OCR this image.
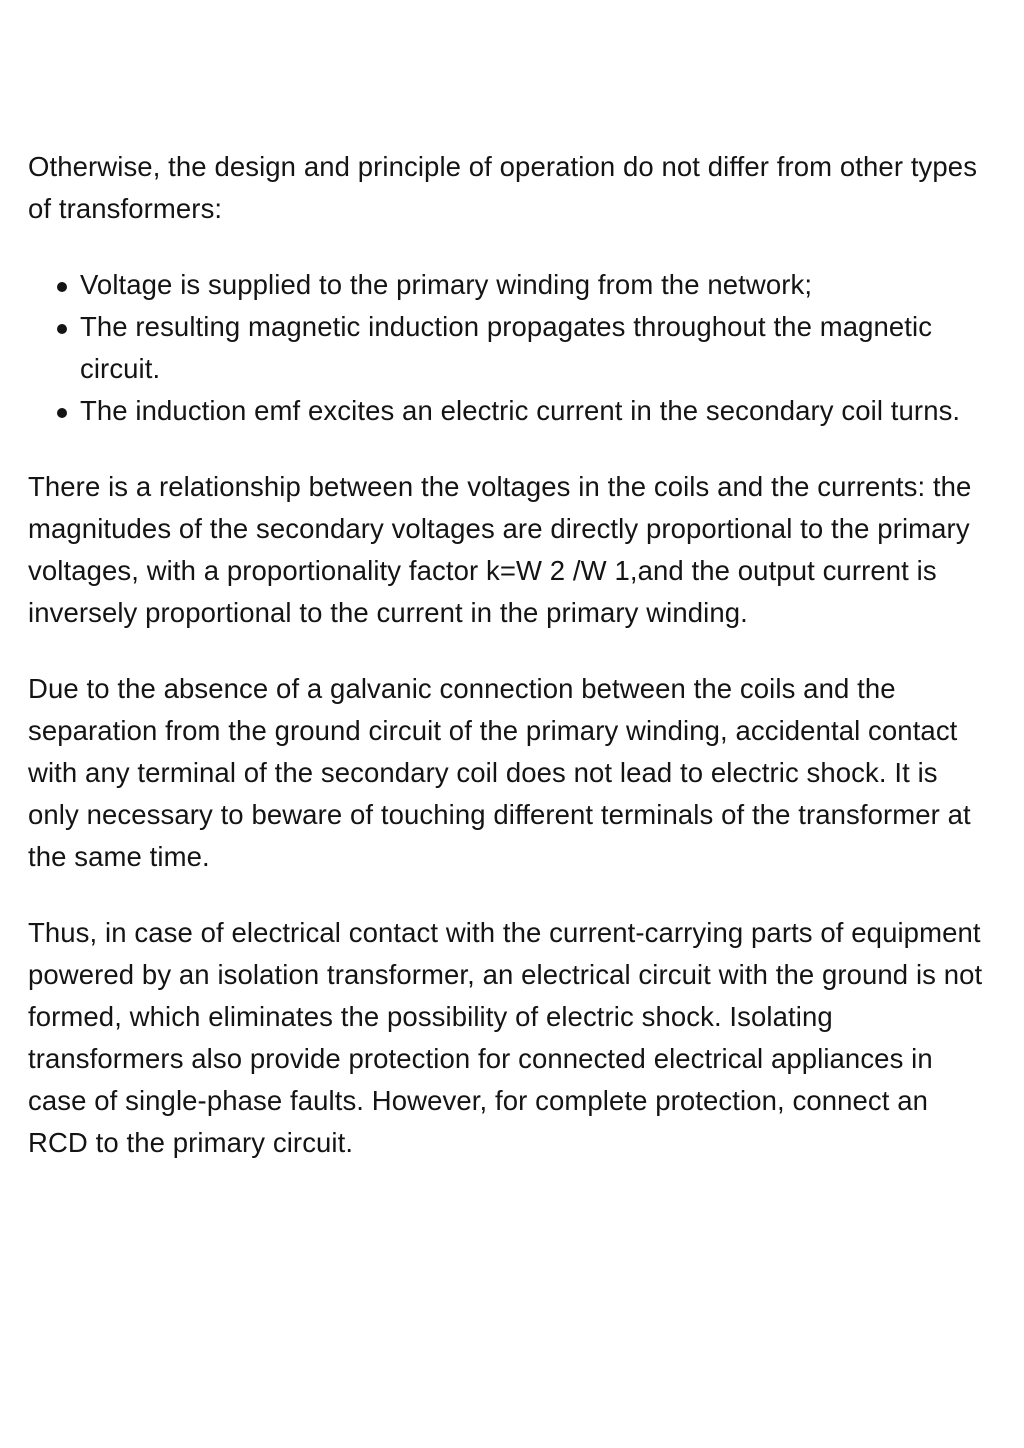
Otherwise, the design and principle of operation do not differ from other types of transformers:

Voltage is supplied to the primary winding from the network;
The resulting magnetic induction propagates throughout the magnetic circuit.
The induction emf excites an electric current in the secondary coil turns.

There is a relationship between the voltages in the coils and the currents: the magnitudes of the secondary voltages are directly proportional to the primary voltages, with a proportionality factor k=W 2 /W 1,and the output current is inversely proportional to the current in the primary winding.

Due to the absence of a galvanic connection between the coils and the separation from the ground circuit of the primary winding, accidental contact with any terminal of the secondary coil does not lead to electric shock. It is only necessary to beware of touching different terminals of the transformer at the same time.

Thus, in case of electrical contact with the current-carrying parts of equipment powered by an isolation transformer, an electrical circuit with the ground is not formed, which eliminates the possibility of electric shock. Isolating transformers also provide protection for connected electrical appliances in case of single-phase faults. However, for complete protection, connect an RCD to the primary circuit.
